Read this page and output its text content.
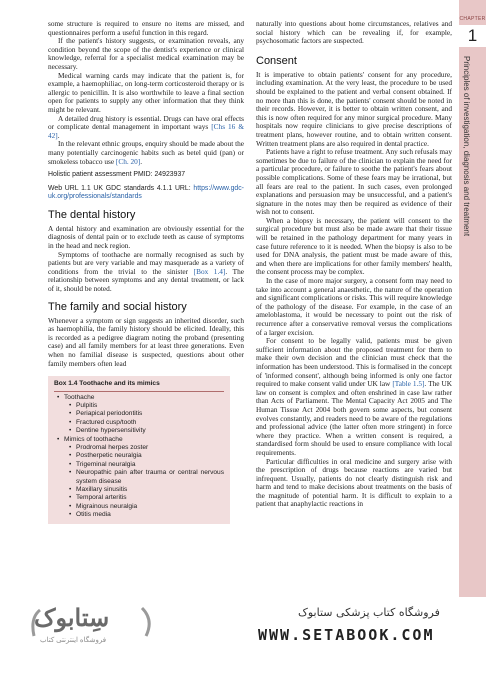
some structure is required to ensure no items are missed, and questionnaires perform a useful function in this regard.

If the patient's history suggests, or examination reveals, any condition beyond the scope of the dentist's experience or clinical knowledge, referral for a specialist medical examination may be necessary.

Medical warning cards may indicate that the patient is, for example, a haemophiliac, on long-term corticosteroid therapy or is allergic to penicillin. It is also worthwhile to leave a final section open for patients to supply any other information that they think might be relevant.

A detailed drug history is essential. Drugs can have oral effects or complicate dental management in important ways [Chs 16 & 42].

In the relevant ethnic groups, enquiry should be made about the many potentially carcinogenic habits such as betel quid (pan) or smokeless tobacco use [Ch. 20].

Holistic patient assessment PMID: 24923937

Web URL 1.1 UK GDC standards 4.1.1 URL: https://www.gdc-uk.org/professionals/standards

The dental history

A dental history and examination are obviously essential for the diagnosis of dental pain or to exclude teeth as cause of symptoms in the head and neck region.

Symptoms of toothache are normally recognised as such by patients but are very variable and may masquerade as a variety of conditions from the trivial to the sinister [Box 1.4]. The relationship between symptoms and any dental treatment, or lack of it, should be noted.

The family and social history

Whenever a symptom or sign suggests an inherited disorder, such as haemophilia, the family history should be elicited. Ideally, this is recorded as a pedigree diagram noting the proband (presenting case) and all family members for at least three generations. Even when no familial disease is suspected, questions about other family members often lead

Box 1.4 Toothache and its mimics
• Toothache
• Pulpitis
• Periapical periodontitis
• Fractured cusp/tooth
• Dentine hypersensitivity
• Mimics of toothache
• Prodromal herpes zoster
• Postherpetic neuralgia
• Trigeminal neuralgia
• Neuropathic pain after trauma or central nervous system disease
• Maxillary sinusitis
• Temporal arteritis
• Migrainous neuralgia
• Otitis media

naturally into questions about home circumstances, relatives and social history which can be revealing if, for example, psychosomatic factors are suspected.

Consent

It is imperative to obtain patients' consent for any procedure, including examination. At the very least, the procedure to be used should be explained to the patient and verbal consent obtained. If no more than this is done, the patients' consent should be noted in their records. However, it is better to obtain written consent, and this is now often required for any minor surgical procedure. Many hospitals now require clinicians to give precise descriptions of treatment plans, however routine, and to obtain written consent. Written treatment plans are also required in dental practice.

Patients have a right to refuse treatment. Any such refusals may sometimes be due to failure of the clinician to explain the need for a particular procedure, or failure to soothe the patient's fears about possible complications. Some of these fears may be irrational, but all fears are real to the patient. In such cases, even prolonged explanations and persuasion may be unsuccessful, and a patient's signature in the notes may then be required as evidence of their wish not to consent.

When a biopsy is necessary, the patient will consent to the surgical procedure but must also be made aware that their tissue will be retained in the pathology department for many years in case future reference to it is needed. When the biopsy is also to be used for DNA analysis, the patient must be made aware of this, and when there are implications for other family members' health, the consent process may be complex.

In the case of more major surgery, a consent form may need to take into account a general anaesthetic, the nature of the operation and significant complications or risks. This will require knowledge of the pathology of the disease. For example, in the case of an ameloblastoma, it would be necessary to point out the risk of recurrence after a conservative removal versus the complications of a larger excision.

For consent to be legally valid, patients must be given sufficient information about the proposed treatment for them to make their own decision and the clinician must check that the information has been understood. This is formalised in the concept of 'informed consent', although being informed is only one factor required to make consent valid under UK law [Table 1.5]. The UK law on consent is complex and often enshrined in case law rather than Acts of Parliament. The Mental Capacity Act 2005 and The Human Tissue Act 2004 both govern some aspects, but consent evolves constantly, and readers need to be aware of the regulations and professional advice (the latter often more stringent) in force where they practice. When a written consent is required, a standardised form should be used to ensure compliance with local requirements.

Particular difficulties in oral medicine and surgery arise with the prescription of drugs because reactions are varied but infrequent. Usually, patients do not clearly distinguish risk and harm and tend to make decisions about treatments on the basis of the magnitude of potential harm. It is difficult to explain to a patient that anaphylactic reactions in

CHAPTER
1
Principles of investigation, diagnosis and treatment
سِتابوک
فروشگاه اینترنتی کتاب
فروشگاه کتاب پزشکی ستابوک
WWW.SETABOOK.COM
